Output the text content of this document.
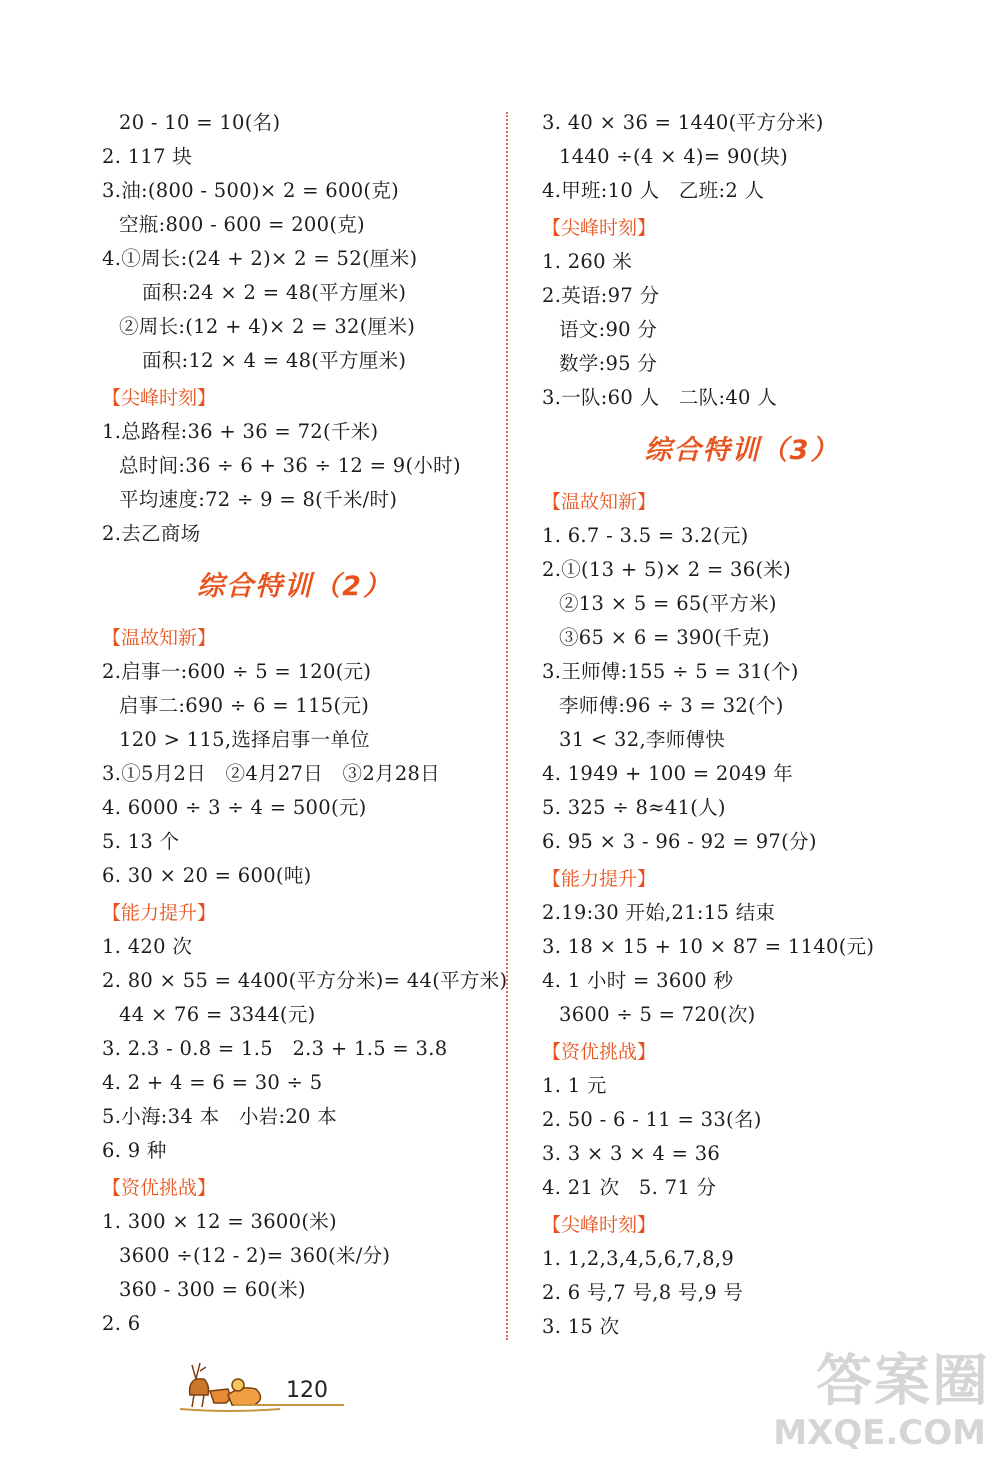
20 - 10 = 10(名)
2. 117 块
3.油:(800 - 500)× 2 = 600(克)
空瓶:800 - 600 = 200(克)
4.①周长:(24 + 2)× 2 = 52(厘米)
面积:24 × 2 = 48(平方厘米)
②周长:(12 + 4)× 2 = 32(厘米)
面积:12 × 4 = 48(平方厘米)
【尖峰时刻】
1.总路程:36 + 36 = 72(千米)
总时间:36 ÷ 6 + 36 ÷ 12 = 9(小时)
平均速度:72 ÷ 9 = 8(千米/时)
2.去乙商场
综合特训（2）
【温故知新】
2.启事一:600 ÷ 5 = 120(元)
启事二:690 ÷ 6 = 115(元)
120 > 115,选择启事一单位
3.①5月2日   ②4月27日   ③2月28日
4. 6000 ÷ 3 ÷ 4 = 500(元)
5. 13 个
6. 30 × 20 = 600(吨)
【能力提升】
1. 420 次
2. 80 × 55 = 4400(平方分米)= 44(平方米)
44 × 76 = 3344(元)
3. 2.3 - 0.8 = 1.5   2.3 + 1.5 = 3.8
4. 2 + 4 = 6 = 30 ÷ 5
5.小海:34 本   小岩:20 本
6. 9 种
【资优挑战】
1. 300 × 12 = 3600(米)
3600 ÷(12 - 2)= 360(米/分)
360 - 300 = 60(米)
2. 6
3. 40 × 36 = 1440(平方分米)
1440 ÷(4 × 4)= 90(块)
4.甲班:10 人   乙班:2 人
【尖峰时刻】
1. 260 米
2.英语:97 分
语文:90 分
数学:95 分
3.一队:60 人   二队:40 人
综合特训（3）
【温故知新】
1. 6.7 - 3.5 = 3.2(元)
2.①(13 + 5)× 2 = 36(米)
②13 × 5 = 65(平方米)
③65 × 6 = 390(千克)
3.王师傅:155 ÷ 5 = 31(个)
李师傅:96 ÷ 3 = 32(个)
31 < 32,李师傅快
4. 1949 + 100 = 2049 年
5. 325 ÷ 8≈41(人)
6. 95 × 3 - 96 - 92 = 97(分)
【能力提升】
2.19:30 开始,21:15 结束
3. 18 × 15 + 10 × 87 = 1140(元)
4. 1 小时 = 3600 秒
3600 ÷ 5 = 720(次)
【资优挑战】
1. 1 元
2. 50 - 6 - 11 = 33(名)
3. 3 × 3 × 4 = 36
4. 21 次   5. 71 分
【尖峰时刻】
1. 1,2,3,4,5,6,7,8,9
2. 6 号,7 号,8 号,9 号
3. 15 次
120	答案圈
MXQE.COM
